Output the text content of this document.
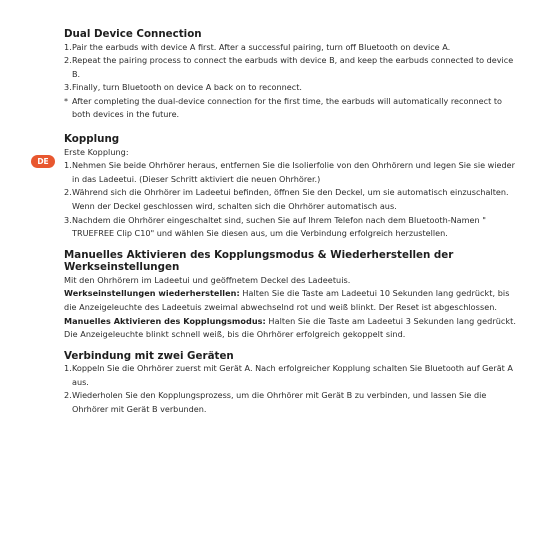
DE
Dual Device Connection
1. Pair the earbuds with device A first. After a successful pairing, turn off Bluetooth on device A.
2. Repeat the pairing process to connect the earbuds with device B, and keep the earbuds connected to device B.
3. Finally, turn Bluetooth on device A back on to reconnect.
* After completing the dual-device connection for the first time, the earbuds will automatically reconnect to both devices in the future.
Kopplung

Erste Kopplung:

1. Nehmen Sie beide Ohrhörer heraus, entfernen Sie die Isolierfolie von den Ohrhörern und legen Sie sie wieder in das Ladeetui. (Dieser Schritt aktiviert die neuen Ohrhörer.)
2. Während sich die Ohrhörer im Ladeetui befinden, öffnen Sie den Deckel, um sie automatisch einzuschalten. Wenn der Deckel geschlossen wird, schalten sich die Ohrhörer automatisch aus.
3. Nachdem die Ohrhörer eingeschaltet sind, suchen Sie auf Ihrem Telefon nach dem Bluetooth-Namen " TRUEFREE Clip C10" und wählen Sie diesen aus, um die Verbindung erfolgreich herzustellen.
Manuelles Aktivieren des Kopplungsmodus & Wiederherstellen der Werkseinstellungen

Mit den Ohrhörern im Ladeetui und geöffnetem Deckel des Ladeetuis.

Werkseinstellungen wiederherstellen: Halten Sie die Taste am Ladeetui 10 Sekunden lang gedrückt, bis die Anzeigeleuchte des Ladeetuis zweimal abwechselnd rot und weiß blinkt. Der Reset ist abgeschlossen.

Manuelles Aktivieren des Kopplungsmodus: Halten Sie die Taste am Ladeetui 3 Sekunden lang gedrückt. Die Anzeigeleuchte blinkt schnell weiß, bis die Ohrhörer erfolgreich gekoppelt sind.

Verbindung mit zwei Geräten
1. Koppeln Sie die Ohrhörer zuerst mit Gerät A. Nach erfolgreicher Kopplung schalten Sie Bluetooth auf Gerät A aus.
2. Wiederholen Sie den Kopplungsprozess, um die Ohrhörer mit Gerät B zu verbinden, und lassen Sie die Ohrhörer mit Gerät B verbunden.
